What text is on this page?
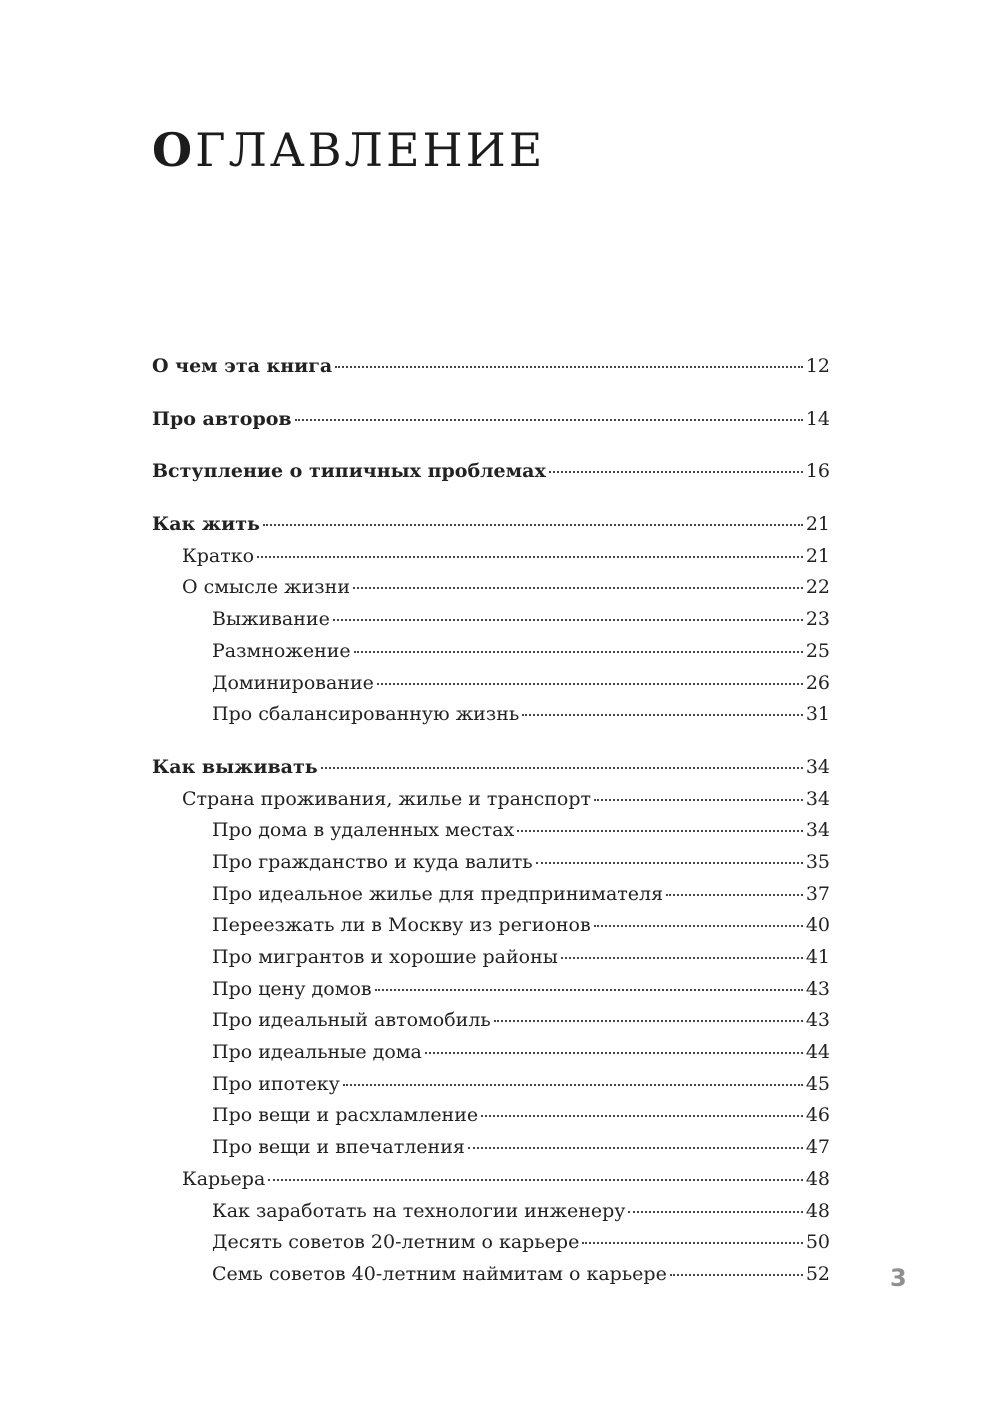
ОГЛАВЛЕНИЕ
О чем эта книга	12
Про авторов	14
Вступление о типичных проблемах	16
Как жить	21
Кратко	21
О смысле жизни	22
Выживание	23
Размножение	25
Доминирование	26
Про сбалансированную жизнь	31
Как выживать	34
Страна проживания, жилье и транспорт	34
Про дома в удаленных местах	34
Про гражданство и куда валить	35
Про идеальное жилье для предпринимателя	37
Переезжать ли в Москву из регионов	40
Про мигрантов и хорошие районы	41
Про цену домов	43
Про идеальный автомобиль	43
Про идеальные дома	44
Про ипотеку	45
Про вещи и расхламление	46
Про вещи и впечатления	47
Карьера	48
Как заработать на технологии инженеру	48
Десять советов 20-летним о карьере	50
Семь советов 40-летним наймитам о карьере	52	3
